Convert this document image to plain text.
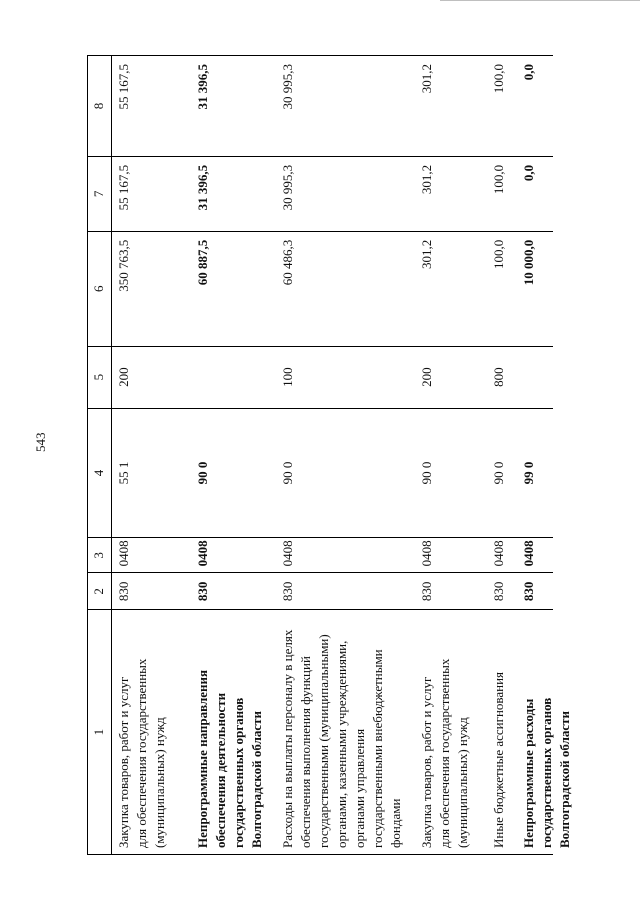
543
1
2
3
4
5
6
7
8
Закупка товаров, работ и услуг для обеспечения государственных (муниципальных) нужд
830
0408
55 1
200
350 763,5
55 167,5
55 167,5
Непрограммные направления обеспечения деятельности государственных органов Волгоградской области
830
0408
90 0
60 887,5
31 396,5
31 396,5
Расходы на выплаты персоналу в целях обеспечения выполнения функций государственными (муниципальными) органами, казенными учреждениями, органами управления государственными внебюджетными фондами
830
0408
90 0
100
60 486,3
30 995,3
30 995,3
Закупка товаров, работ и услуг для обеспечения государственных (муниципальных) нужд
830
0408
90 0
200
301,2
301,2
301,2
Иные бюджетные ассигнования
830
0408
90 0
800
100,0
100,0
100,0
Непрограммные расходы государственных органов Волгоградской области
830
0408
99 0
10 000,0
0,0
0,0
